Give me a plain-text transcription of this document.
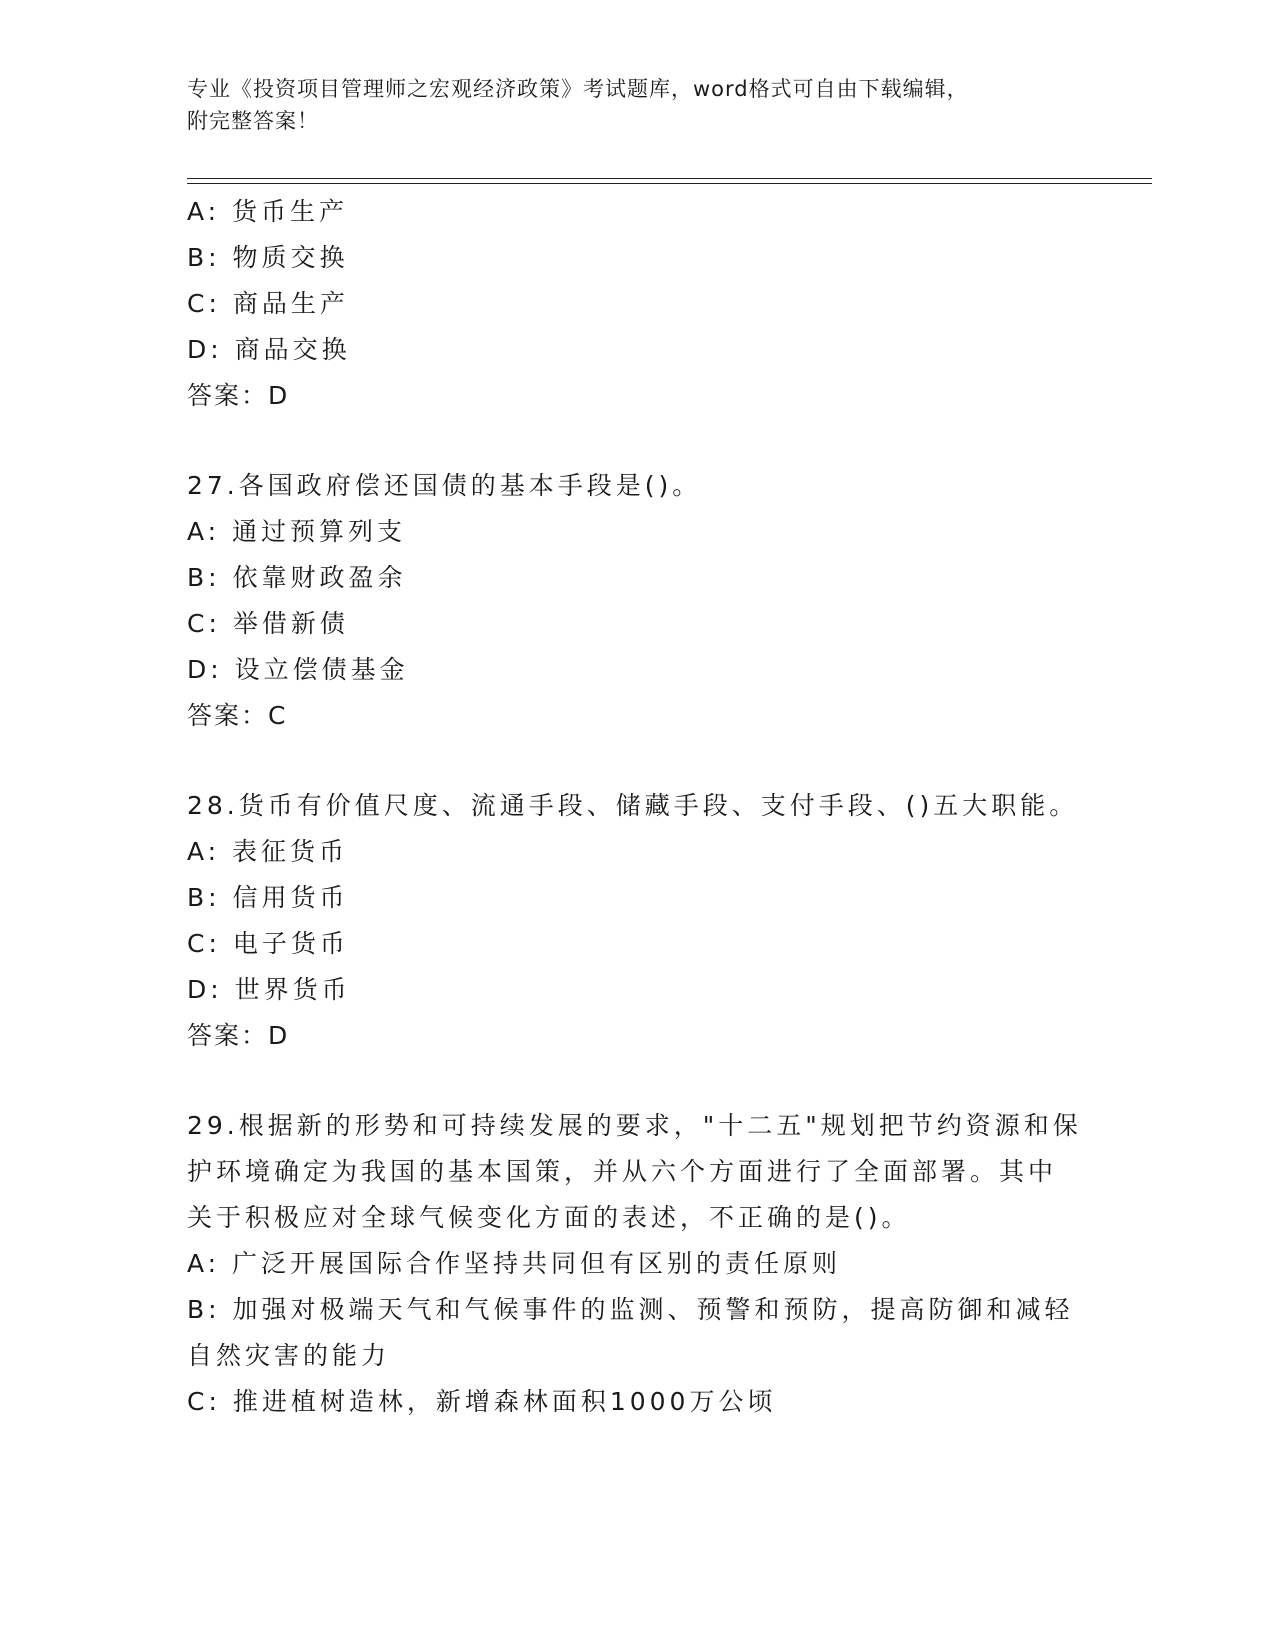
专业《投资项目管理师之宏观经济政策》考试题库，word格式可自由下载编辑，
附完整答案！
A: 货币生产
B: 物质交换
C: 商品生产
D: 商品交换
答案：D
27.各国政府偿还国债的基本手段是()。
A: 通过预算列支
B: 依靠财政盈余
C: 举借新债
D: 设立偿债基金
答案：C
28.货币有价值尺度、流通手段、储藏手段、支付手段、()五大职能。
A: 表征货币
B: 信用货币
C: 电子货币
D: 世界货币
答案：D
29.根据新的形势和可持续发展的要求，"十二五"规划把节约资源和保
护环境确定为我国的基本国策，并从六个方面进行了全面部署。其中
关于积极应对全球气候变化方面的表述，不正确的是()。
A: 广泛开展国际合作坚持共同但有区别的责任原则
B: 加强对极端天气和气候事件的监测、预警和预防，提高防御和减轻
自然灾害的能力
C: 推进植树造林，新增森林面积1000万公顷
